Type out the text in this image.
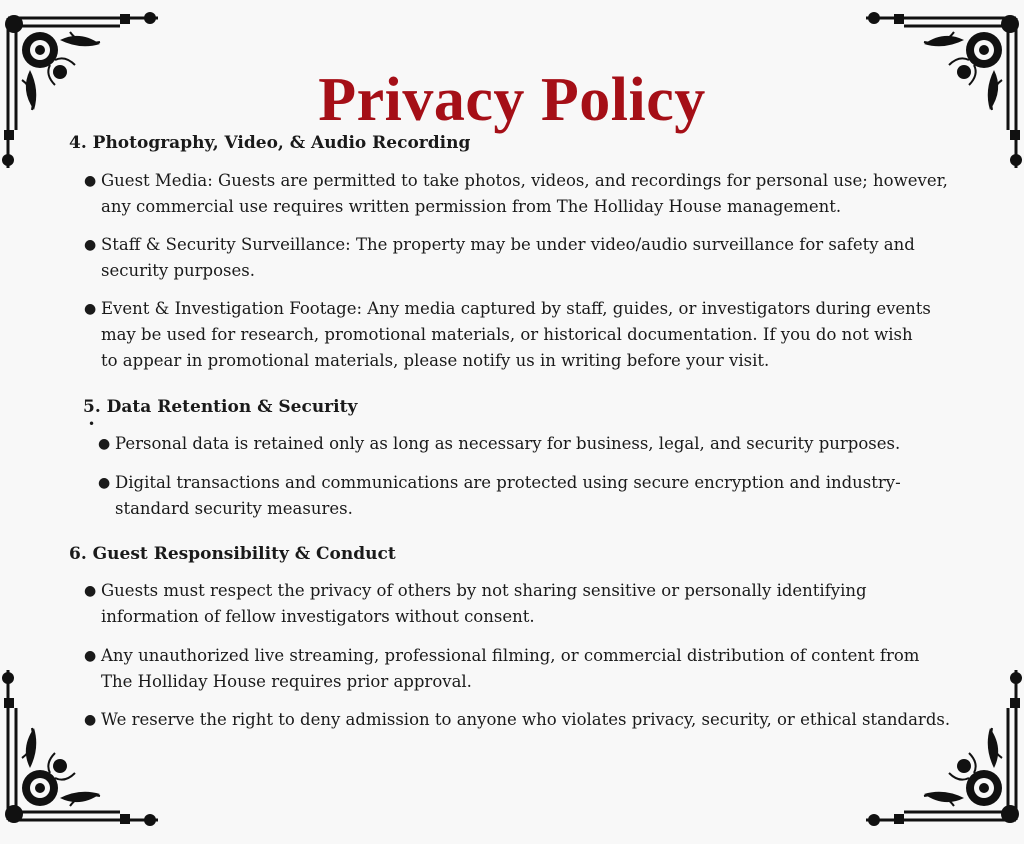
Privacy Policy
4. Photography, Video, & Audio Recording
● Guest Media: Guests are permitted to take photos, videos, and recordings for personal use; however, any commercial use requires written permission from The Holliday House management.

● Staff & Security Surveillance: The property may be under video/audio surveillance for safety and security purposes.

● Event & Investigation Footage: Any media captured by staff, guides, or investigators during events may be used for research, promotional materials, or historical documentation. If you do not wish to appear in promotional materials, please notify us in writing before your visit.

5. Data Retention & Security
•
● Personal data is retained only as long as necessary for business, legal, and security purposes.

● Digital transactions and communications are protected using secure encryption and industry-standard security measures.

6. Guest Responsibility & Conduct
● Guests must respect the privacy of others by not sharing sensitive or personally identifying information of fellow investigators without consent.

● Any unauthorized live streaming, professional filming, or commercial distribution of content from The Holliday House requires prior approval.

● We reserve the right to deny admission to anyone who violates privacy, security, or ethical standards.
